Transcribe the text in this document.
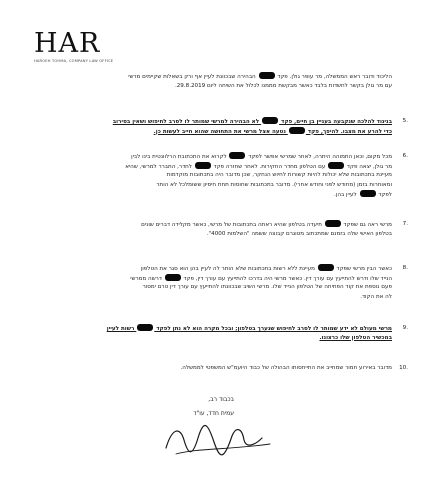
HAR
HAROEH TOHMA, COMPANY LAW OFFICE
הליכוד ודובר ראש הממשלה, מר עופר גולן. פקד  הבהירה שבכוונת לעיין אף ורק בשאלות שקיימים מרשי
עם מר גולן בקשר לחשדות בלבד כאשר מבקשת מממנו לכלול את השיחה ליום 29.8.2019.
5.
בניגוד להלכה שנקבעה בעניין בן חיים, פקד  לא הבהירה למרשי שמותר לו לסרב לחיפוש ושאין בסירוב
כדי להרע את מצבו. להיפך, פקד  נטעה אצל מרשי את התחושה שהוא חייב לעשות כן.
6.
מכל מקום, וכאן התמוהה היתרה, לאחר שמרשי אפשר לפקד  לקרוא את התכתובת הרלוונטית בינו לבין
מר גולן, יצאה פקד  עם הטלפון מחדר החקירות. לאחר שחזרה פקד  לחדר, התברר למרשי, שהיא
מעיינת בתכתובות שלא יכולות להיות קשורות לחיוש הנחקר, שכן מדובר היה בתכתובות מוקדמות
ומאוחרות בזמן (מחודש לפני וחודש אחרי). מדובר בתכתובות שחוסות תחת חיסיון ששומלכל לא הותר
לפקד  לעיין בהן.
7.
מרשי ראה גם שפקד  תיעדה בטלפון שהיא ראתה בתכתובות של מרשי, כאשר מקלידה דברים שונים
בטלפון האישי שלה בזמנם שמתכתוב מטוגרם קבוצה ששמה "השלמות 4000".
8.
כאשר הבין מרשי שפקד  מעיינת ללא רשות בתכתובות שלא הותר לה לעיין בהן הוא סגר את הטלפון
הנייד שלו ודרש להתייעץ עם עורך דין. כאשר מרשי היה בדרכו להתייעץ עם עורך דין, פקד  דרשה ממרשי
פעם נוספת את קוד הפתיחה של הטלפון הנייד שלו. מרשי השיב שבכוונתו להתייעץ עם עורך דין טרם ימסור
לה את הקוד.
9.
מרשי מעולם לא ידע שמותר לו לסרב לחיפוש שנערך בטלפון; ובכל מקרה הוא לא נתן לפקד  רשות לעיין
במכשיר הטלפון שלו כרצונו.
10.
מדובר באירוע חמור שמחייב את התייחסותו הבהולה של כבוד היועמ"ש המשפטי לממשלה.
בכבוד רב,
עמית חדד, עו"ד
